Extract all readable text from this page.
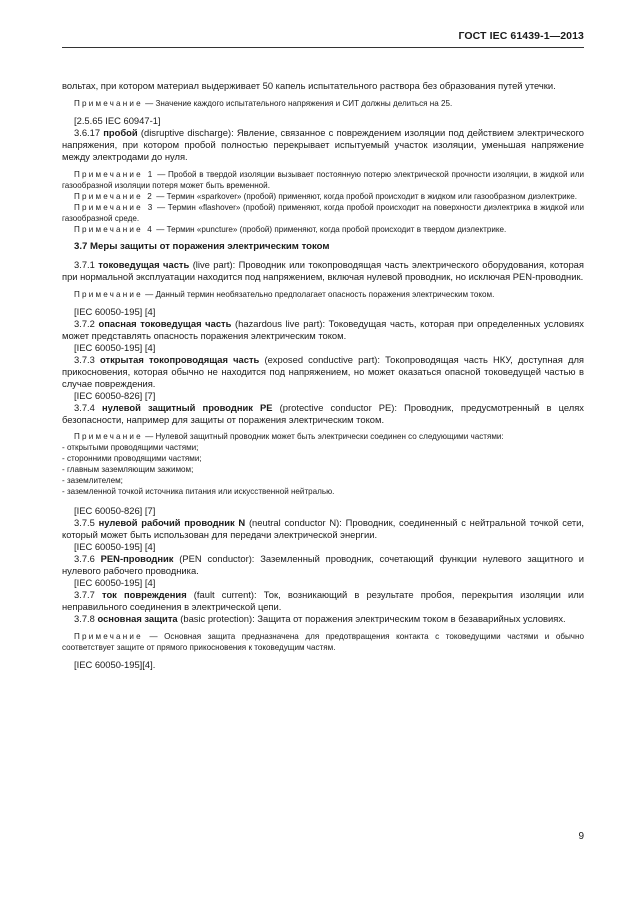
ГОСТ IEC 61439-1—2013

вольтах, при котором материал выдерживает 50 капель испытательного раствора без образования путей утечки.

Примечание — Значение каждого испытательного напряжения и СИТ должны делиться на 25.

[2.5.65 IEC 60947-1]

3.6.17 пробой (disruptive discharge): Явление, связанное с повреждением изоляции под действием электрического напряжения, при котором пробой полностью перекрывает испытуемый участок изоляции, уменьшая напряжение между электродами до нуля.

Примечание 1 — Пробой в твердой изоляции вызывает постоянную потерю электрической прочности изоляции, в жидкой или газообразной изоляции потеря может быть временной.

Примечание 2 — Термин «sparkover» (пробой) применяют, когда пробой происходит в жидком или газообразном диэлектрике.

Примечание 3 — Термин «flashover» (пробой) применяют, когда пробой происходит на поверхности диэлектрика в жидкой или газообразной среде.

Примечание 4 — Термин «puncture» (пробой) применяют, когда пробой происходит в твердом диэлектрике.

3.7 Меры защиты от поражения электрическим током

3.7.1 токоведущая часть (live part): Проводник или токопроводящая часть электрического оборудования, которая при нормальной эксплуатации находится под напряжением, включая нулевой проводник, но исключая PEN-проводник.

Примечание — Данный термин необязательно предполагает опасность поражения электрическим током.

[IEC 60050-195] [4]

3.7.2 опасная токоведущая часть (hazardous live part): Токоведущая часть, которая при определенных условиях может представлять опасность поражения электрическим током.

[IEC 60050-195] [4]

3.7.3 открытая токопроводящая часть (exposed conductive part): Токопроводящая часть НКУ, доступная для прикосновения, которая обычно не находится под напряжением, но может оказаться опасной токоведущей частью в случае повреждения.

[IEC 60050-826] [7]

3.7.4 нулевой защитный проводник PE (protective conductor PE): Проводник, предусмотренный в целях безопасности, например для защиты от поражения электрическим током.

Примечание — Нулевой защитный проводник может быть электрически соединен со следующими частями:

- открытыми проводящими частями;
- сторонними проводящими частями;
- главным заземляющим зажимом;
- заземлителем;
- заземленной точкой источника питания или искусственной нейтралью.

[IEC 60050-826] [7]

3.7.5 нулевой рабочий проводник N (neutral conductor N): Проводник, соединенный с нейтральной точкой сети, который может быть использован для передачи электрической энергии.

[IEC 60050-195] [4]

3.7.6 PEN-проводник (PEN conductor): Заземленный проводник, сочетающий функции нулевого защитного и нулевого рабочего проводника.

[IEC 60050-195] [4]

3.7.7 ток повреждения (fault current): Ток, возникающий в результате пробоя, перекрытия изоляции или неправильного соединения в электрической цепи.

3.7.8 основная защита (basic protection): Защита от поражения электрическим током в безаварийных условиях.

Примечание — Основная защита предназначена для предотвращения контакта с токоведущими частями и обычно соответствует защите от прямого прикосновения к токоведущим частям.

[IEC 60050-195][4].

9
